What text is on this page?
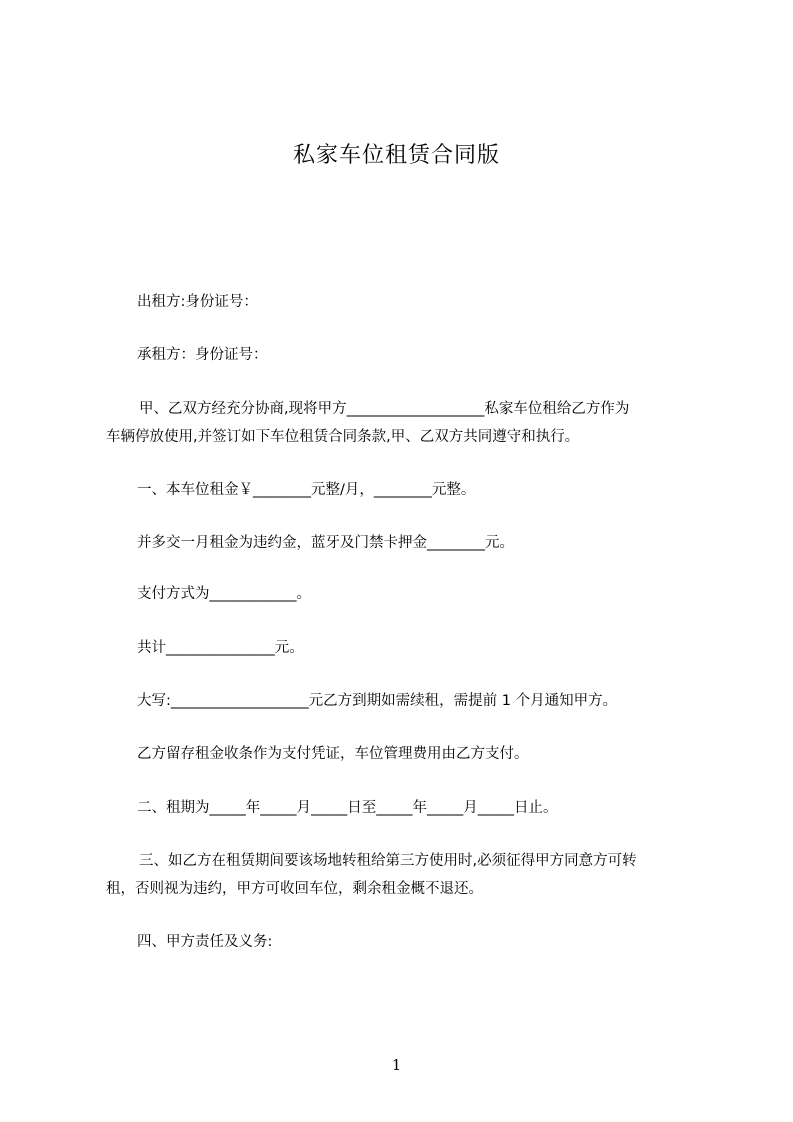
私家车位租赁合同版
出租方:身份证号：
承租方：身份证号：
甲、乙双方经充分协商,现将甲方___________________私家车位租给乙方作为
车辆停放使用,并签订如下车位租赁合同条款,甲、乙双方共同遵守和执行。
一、本车位租金￥________元整/月，________元整。
并多交一月租金为违约金，蓝牙及门禁卡押金________元。
支付方式为____________。
共计_______________元。
大写:___________________元乙方到期如需续租，需提前 1 个月通知甲方。
乙方留存租金收条作为支付凭证，车位管理费用由乙方支付。
二、租期为_____年_____月_____日至_____年_____月_____日止。
三、如乙方在租赁期间要该场地转租给第三方使用时,必须征得甲方同意方可转
租，否则视为违约，甲方可收回车位，剩余租金概不退还。
四、甲方责任及义务:
1
